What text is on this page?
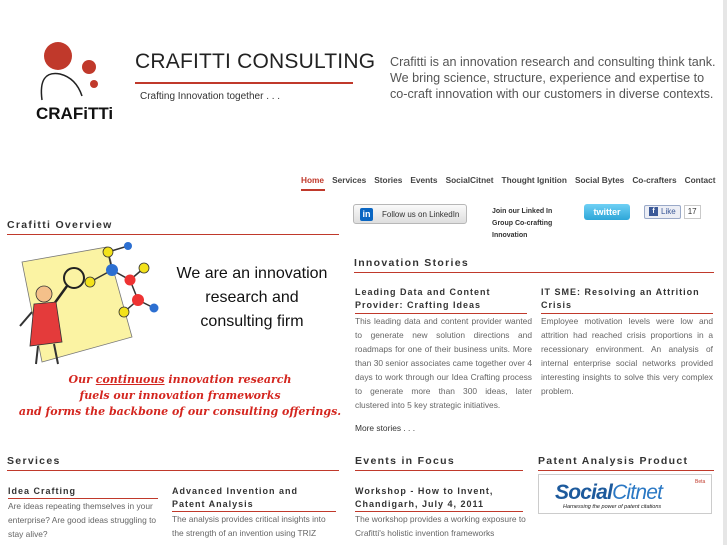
CRAFiTTi
CRAFITTI CONSULTING
Crafting Innovation together . . .
Crafitti is an innovation research and consulting think tank. We bring science, structure, experience and expertise to co-craft innovation with our customers in diverse contexts.
Home Services Stories Events SocialCitnet Thought Ignition Social Bytes Co-crafters Contact
Crafitti Overview
We are an innovation research and consulting firm
Our continuous innovation research
fuels our innovation frameworks
and forms the backbone of our consulting offerings.
in	Follow us on LinkedIn	Join our Linked In Group Co-crafting Innovation
twitter	f Like	17
Innovation Stories
Leading Data and Content Provider: Crafting Ideas
This leading data and content provider wanted to generate new solution directions and roadmaps for one of their business units. More than 30 senior associates came together over 4 days to work through our Idea Crafting process to generate more than 300 ideas, later clustered into 5 key strategic initiatives.
IT SME: Resolving an Attrition Crisis
Employee motivation levels were low and attrition had reached crisis proportions in a recessionary environment. An analysis of internal enterprise social networks provided interesting insights to solve this very complex problem.
More stories . . .
Services
Idea Crafting
Are ideas repeating themselves in your enterprise? Are good ideas struggling to stay alive?
Advanced Invention and Patent Analysis
The analysis provides critical insights into the strength of an invention using TRIZ
Events in Focus
Workshop - How to Invent, Chandigarh, July 4, 2011
The workshop provides a working exposure to Crafitti's holistic invention frameworks
Patent Analysis Product
SocialCitnet	Beta
Harnessing the power of patent citations
